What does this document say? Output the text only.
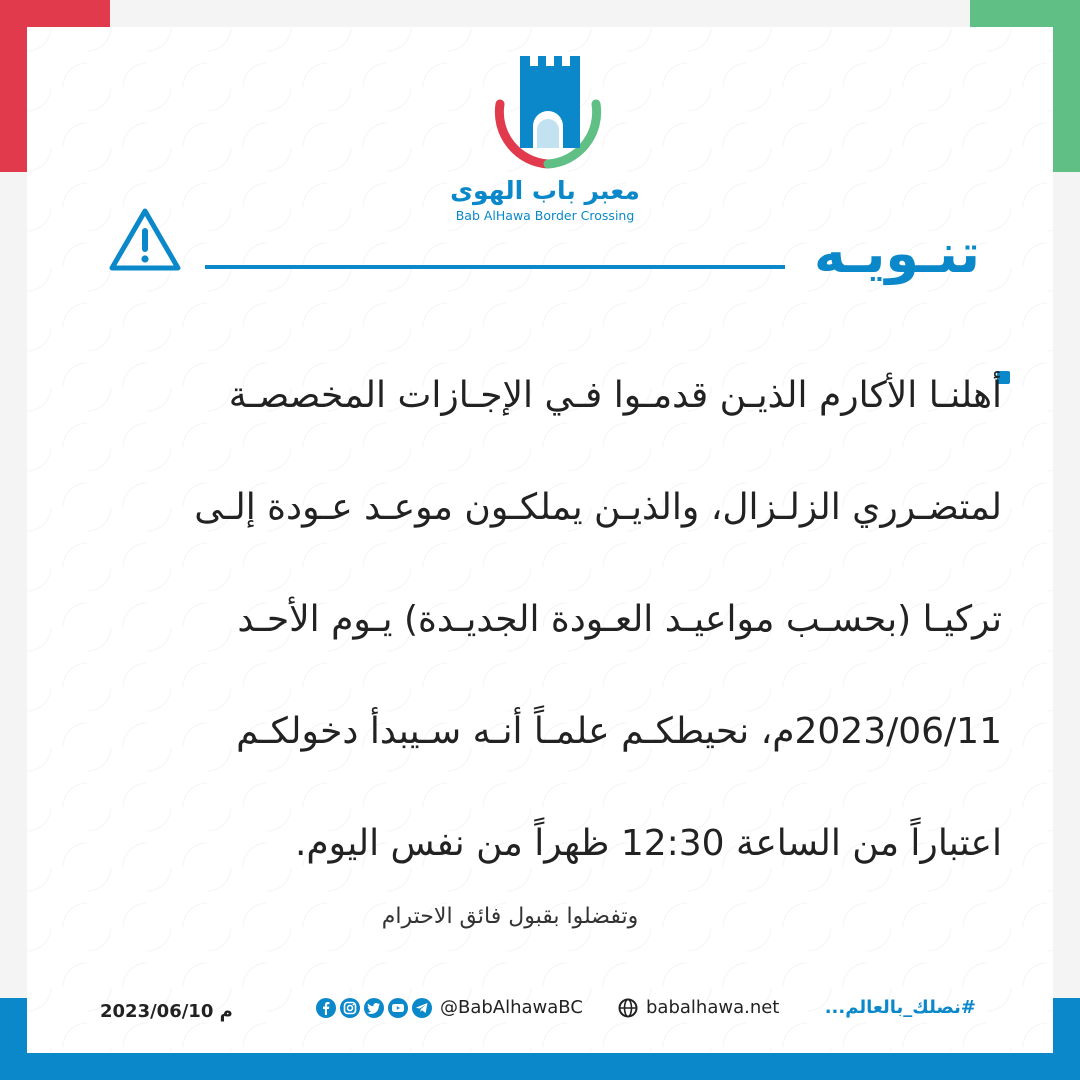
معبر باب الهوى
Bab AlHawa Border Crossing
تنـويـه
أهلنـا الأكارم الذيـن قدمـوا فـي الإجـازات المخصصـة
لمتضـرري الزلـزال، والذيـن يملكـون موعـد عـودة إلـى
تركيـا (بحسـب مواعيـد العـودة الجديـدة) يـوم الأحـد
2023/06/11م، نحيطكـم علمـاً أنـه سـيبدأ دخولكـم
اعتباراً من الساعة 12:30 ظهراً من نفس اليوم.
وتفضلوا بقبول فائق الاحترام
#نصلك_بالعالم...
babalhawa.net
@BabAlhawaBC
2023/06/10 م
